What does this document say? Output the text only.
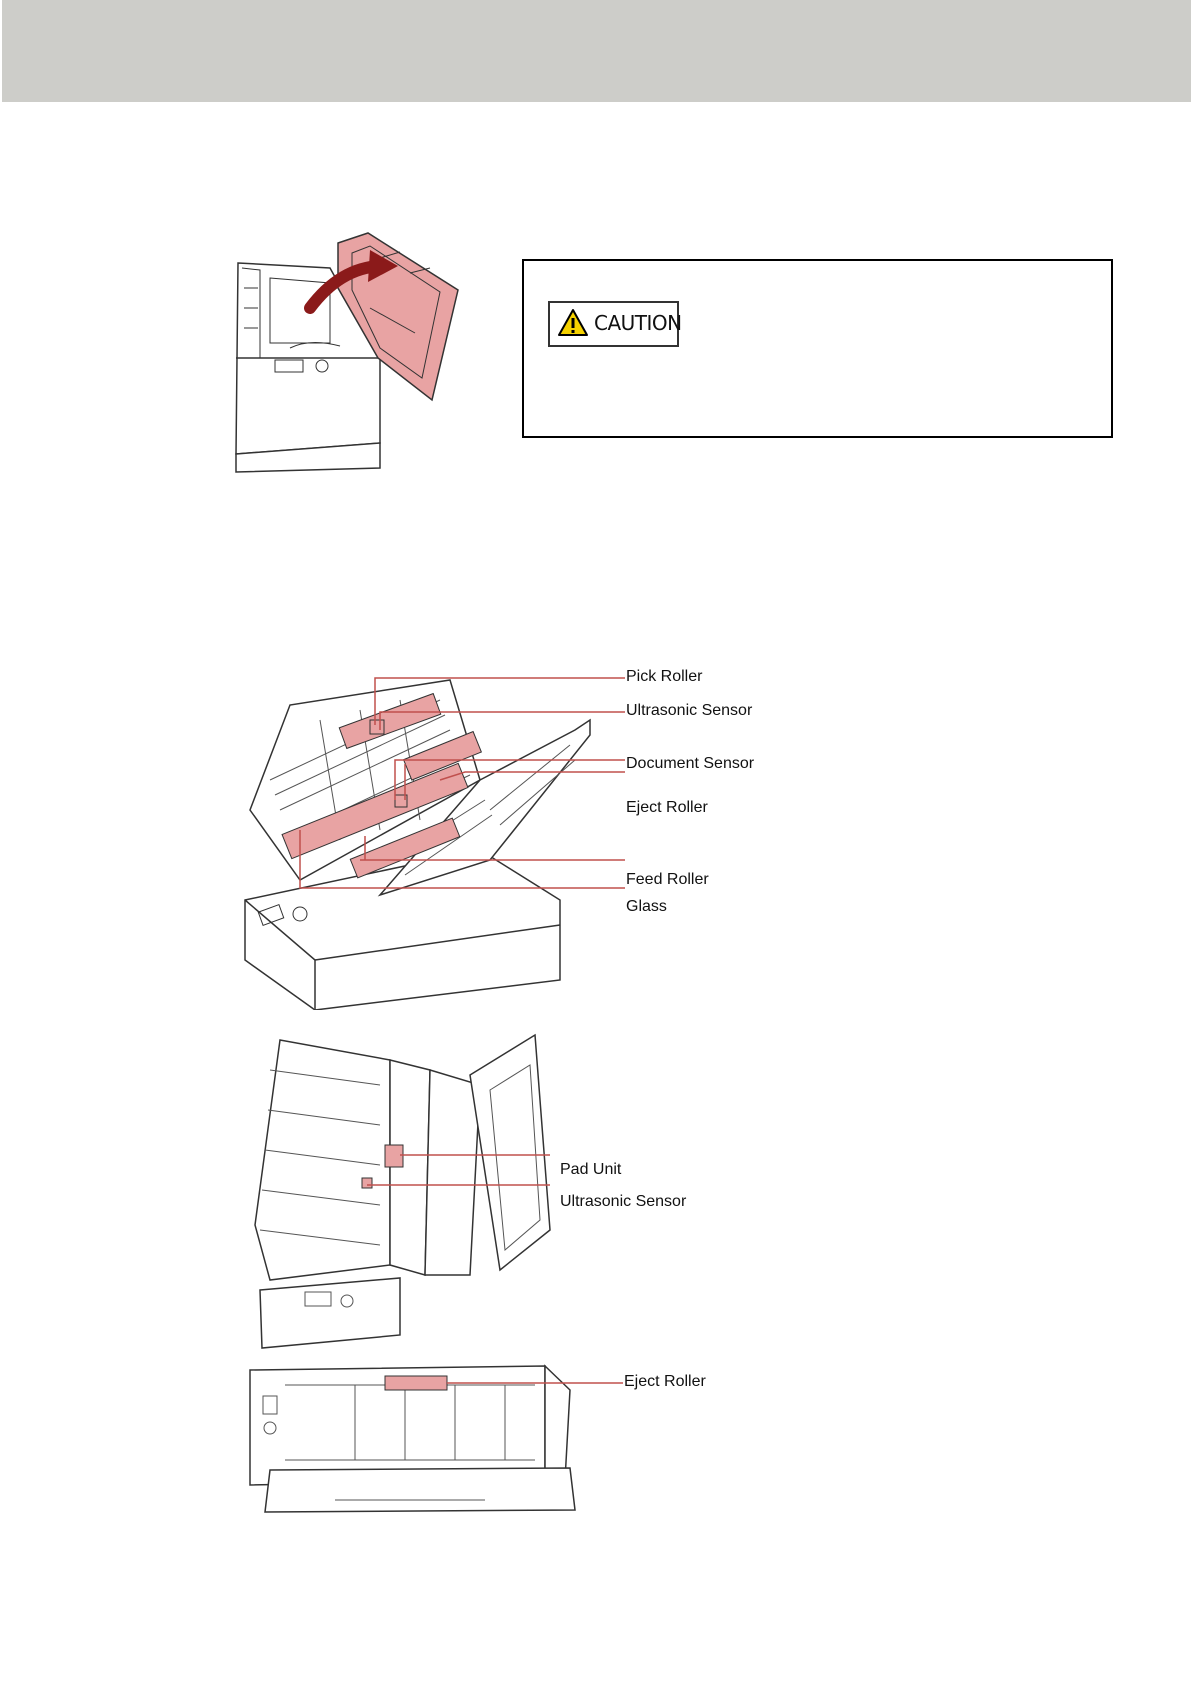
CAUTION
Pick Roller
Ultrasonic Sensor
Document Sensor
Eject Roller
Feed Roller
Glass
Pad Unit
Ultrasonic Sensor
Eject Roller
